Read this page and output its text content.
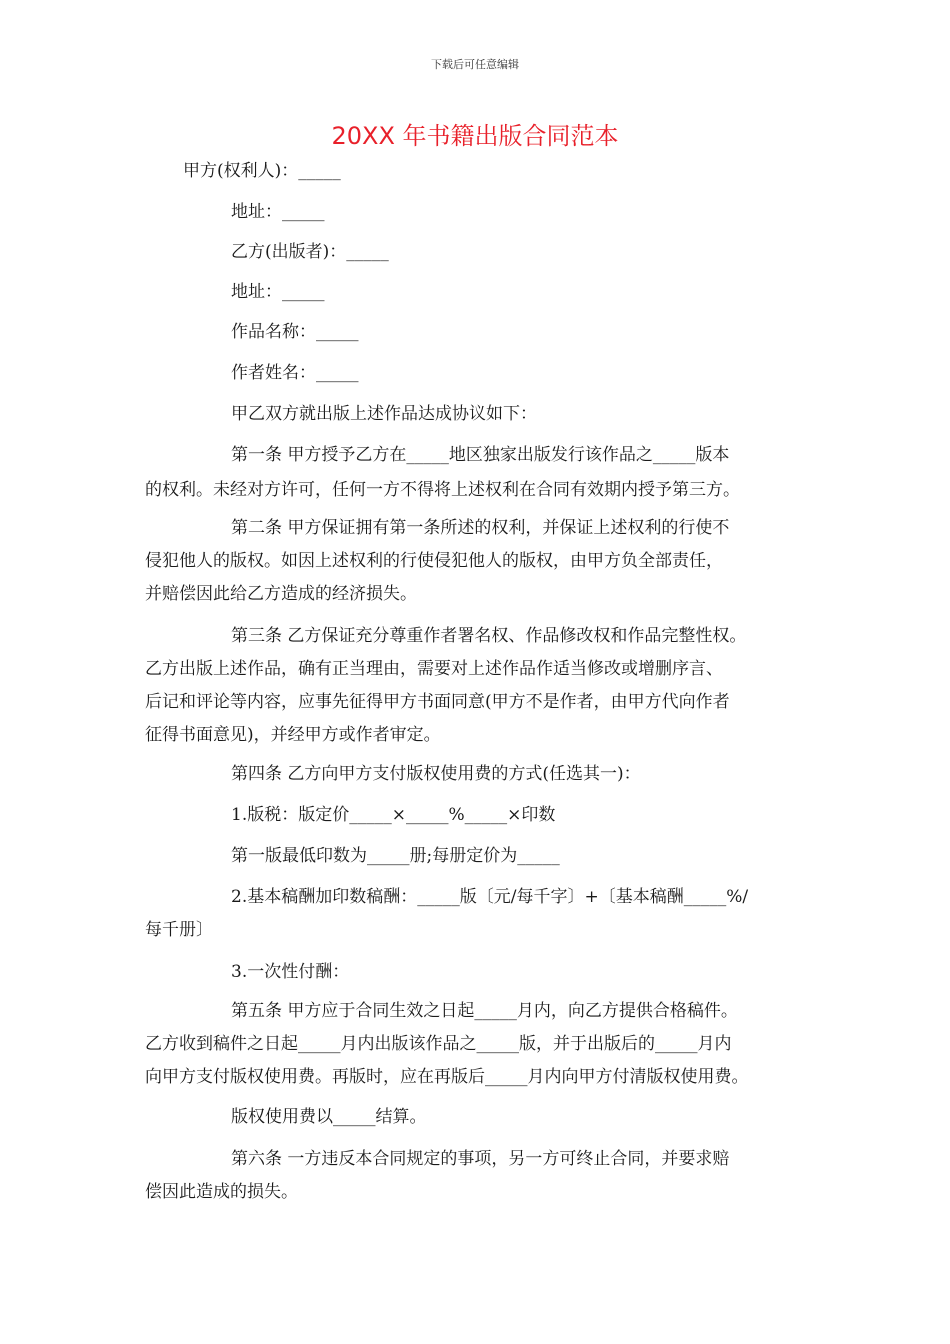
下载后可任意编辑
20XX 年书籍出版合同范本
甲方(权利人)：_____
地址：_____
乙方(出版者)：_____
地址：_____
作品名称：_____
作者姓名：_____
甲乙双方就出版上述作品达成协议如下：
第一条 甲方授予乙方在_____地区独家出版发行该作品之_____版本
的权利。未经对方许可，任何一方不得将上述权利在合同有效期内授予第三方。
第二条 甲方保证拥有第一条所述的权利，并保证上述权利的行使不
侵犯他人的版权。如因上述权利的行使侵犯他人的版权，由甲方负全部责任，
并赔偿因此给乙方造成的经济损失。
第三条 乙方保证充分尊重作者署名权、作品修改权和作品完整性权。
乙方出版上述作品，确有正当理由，需要对上述作品作适当修改或增删序言、
后记和评论等内容，应事先征得甲方书面同意(甲方不是作者，由甲方代向作者
征得书面意见)，并经甲方或作者审定。
第四条 乙方向甲方支付版权使用费的方式(任选其一)：
1.版税：版定价_____×_____%_____×印数
第一版最低印数为_____册;每册定价为_____
2.基本稿酬加印数稿酬：_____版〔元/每千字〕+〔基本稿酬_____%/
每千册〕
3.一次性付酬：
第五条 甲方应于合同生效之日起_____月内，向乙方提供合格稿件。
乙方收到稿件之日起_____月内出版该作品之_____版，并于出版后的_____月内
向甲方支付版权使用费。再版时，应在再版后_____月内向甲方付清版权使用费。
版权使用费以_____结算。
第六条 一方违反本合同规定的事项，另一方可终止合同，并要求赔
偿因此造成的损失。
